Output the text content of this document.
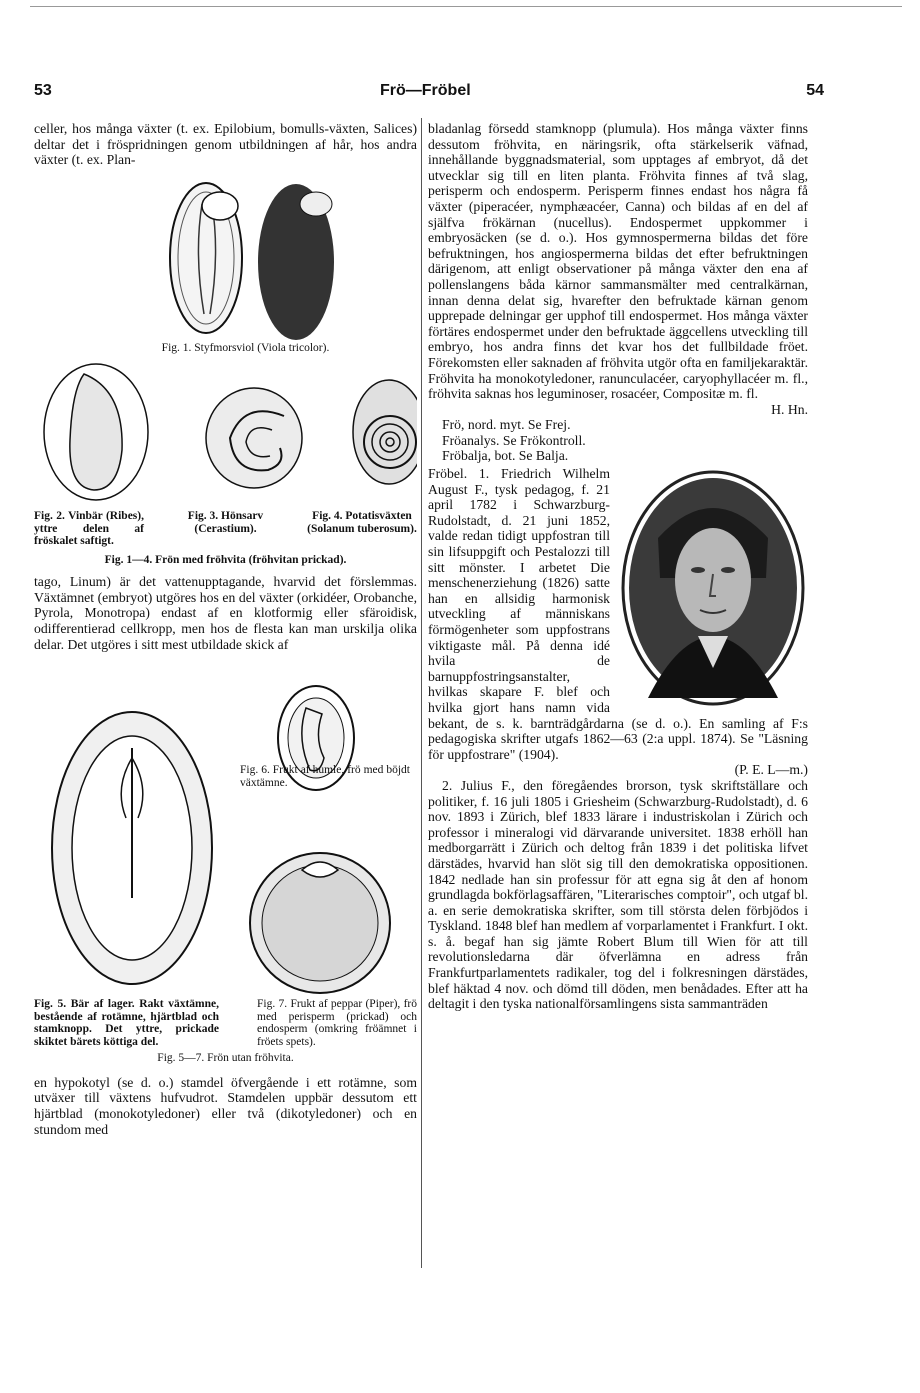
53	Frö—Fröbel	54

celler, hos många växter (t. ex. Epilobium, bomulls-växten, Salices) deltar det i fröspridningen genom utbildningen af hår, hos andra växter (t. ex. Plan-

Fig. 1. Styfmorsviol (Viola tricolor).

Fig. 2. Vinbär (Ribes), yttre delen af fröskalet saftigt.

Fig. 3. Hönsarv (Cerastium).

Fig. 4. Potatisväxten (Solanum tuberosum).

Fig. 1—4. Frön med fröhvita (fröhvitan prickad).

tago, Linum) är det vattenupptagande, hvarvid det förslemmas. Växtämnet (embryot) utgöres hos en del växter (orkidéer, Orobanche, Pyrola, Monotropa) endast af en klotformig eller sfäroidisk, odifferentierad cellkropp, men hos de flesta kan man urskilja olika delar. Det utgöres i sitt mest utbildade skick af

Fig. 6. Frukt af humle, frö med böjdt växtämne.

Fig. 5. Bär af lager. Rakt växtämne, bestående af rotämne, hjärtblad och stamknopp. Det yttre, prickade skiktet bärets köttiga del.

Fig. 7. Frukt af peppar (Piper), frö med perisperm (prickad) och endosperm (omkring fröämnet i fröets spets).

Fig. 5—7. Frön utan fröhvita.

en hypokotyl (se d. o.) stamdel öfvergående i ett rotämne, som utväxer till växtens hufvudrot. Stamdelen uppbär dessutom ett hjärtblad (monokotyledoner) eller två (dikotyledoner) och en stundom med

bladanlag försedd stamknopp (plumula). Hos många växter finns dessutom fröhvita, en näringsrik, ofta stärkelserik väfnad, innehållande byggnadsmaterial, som upptages af embryot, då det utvecklar sig till en liten planta. Fröhvita finnes af två slag, perisperm och endosperm. Perisperm finnes endast hos några få växter (piperacéer, nymphæacéer, Canna) och bildas af en del af själfva frökärnan (nucellus). Endospermet uppkommer i embryosäcken (se d. o.). Hos gymnospermerna bildas det före befruktningen, hos angiospermerna bildas det efter befruktningen därigenom, att enligt observationer på många växter den ena af pollenslangens båda kärnor sammansmälter med centralkärnan, innan denna delat sig, hvarefter den befruktade kärnan genom upprepade delningar ger upphof till endospermet. Hos många växter förtäres endospermet under den befruktade äggcellens utveckling till embryo, hos andra finns det kvar hos det fullbildade fröet. Förekomsten eller saknaden af fröhvita utgör ofta en familjekaraktär. Fröhvita ha monokotyledoner, ranunculacéer, caryophyllacéer m. fl., fröhvita saknas hos leguminoser, rosacéer, Compositæ m. fl.

H. Hn.

Frö, nord. myt. Se Frej.

Fröanalys. Se Frökontroll.

Fröbalja, bot. Se Balja.

Fröbel. 1. Friedrich Wilhelm August F., tysk pedagog, f. 21 april 1782 i Schwarzburg-Rudolstadt, d. 21 juni 1852, valde redan tidigt uppfostran till sin lifsuppgift och Pestalozzi till sitt mönster. I arbetet Die menschenerziehung (1826) satte han en allsidig harmonisk utveckling af människans förmögenheter som uppfostrans viktigaste mål. På denna idé hvila de barnuppfostringsanstalter, hvilkas skapare F. blef och hvilka gjort hans namn vida bekant, de s. k. barnträdgårdarna (se d. o.). En samling af F:s pedagogiska skrifter utgafs 1862—63 (2:a uppl. 1874). Se "Läsning för uppfostrare" (1904).

(P. E. L—m.)

2. Julius F., den föregåendes brorson, tysk skriftställare och politiker, f. 16 juli 1805 i Griesheim (Schwarzburg-Rudolstadt), d. 6 nov. 1893 i Zürich, blef 1833 lärare i industriskolan i Zürich och professor i mineralogi vid därvarande universitet. 1838 erhöll han medborgarrätt i Zürich och deltog från 1839 i det politiska lifvet därstädes, hvarvid han slöt sig till den demokratiska oppositionen. 1842 nedlade han sin professur för att egna sig åt den af honom grundlagda bokförlagsaffären, "Literarisches comptoir", och utgaf bl. a. en serie demokratiska skrifter, som till största delen förbjödos i Tyskland. 1848 blef han medlem af vorparlamentet i Frankfurt. I okt. s. å. begaf han sig jämte Robert Blum till Wien för att till revolutionsledarna där öfverlämna en adress från Frankfurtparlamentets radikaler, tog del i folkresningen därstädes, blef häktad 4 nov. och dömd till döden, men benådades. Efter att ha deltagit i den tyska nationalförsamlingens sista sammanträden
